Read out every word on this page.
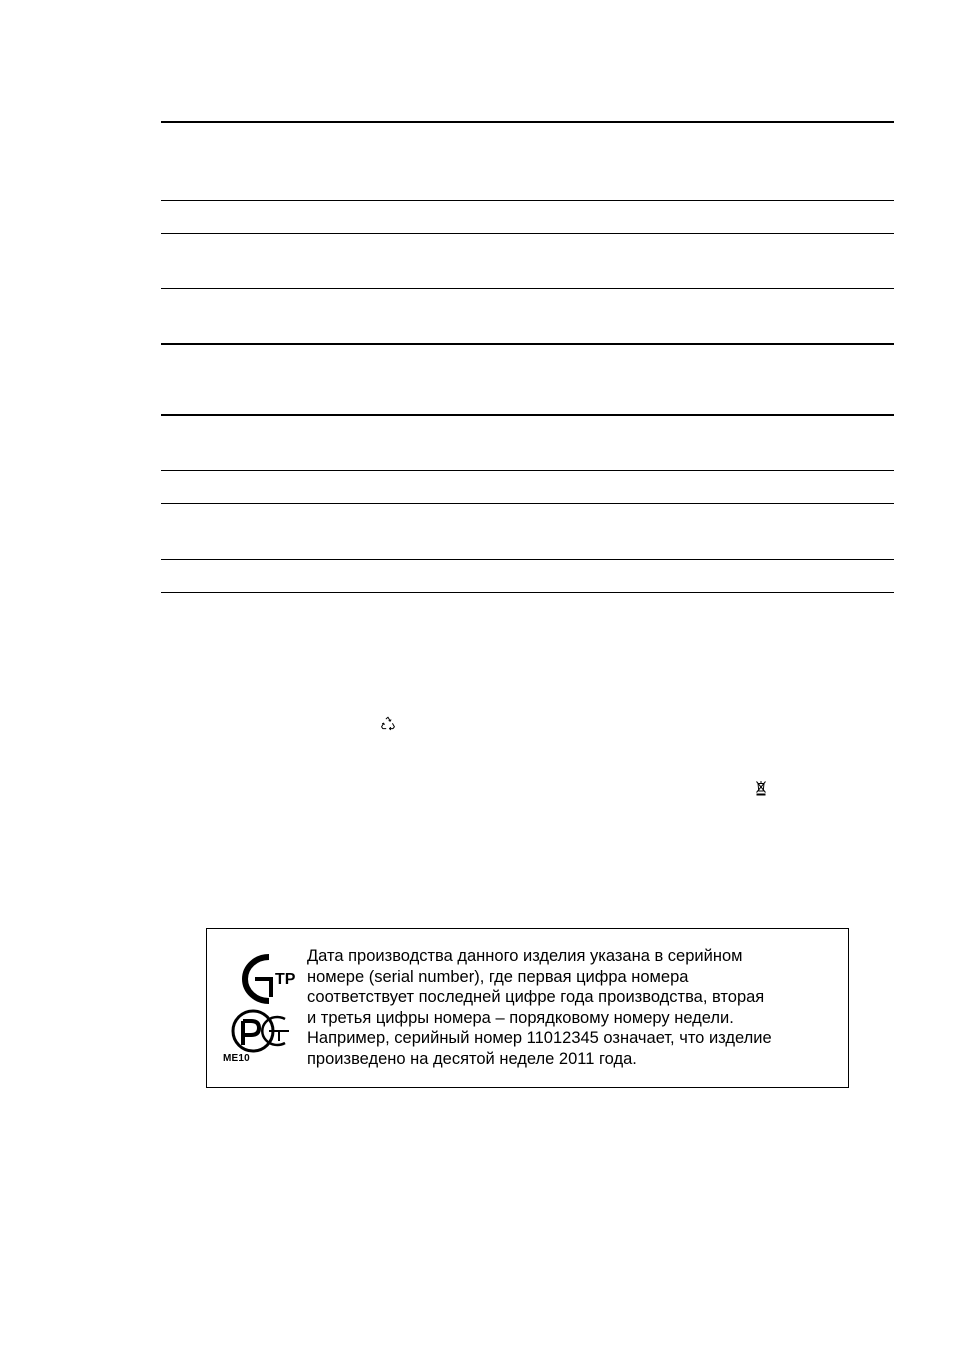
ТР
ME10

Дата производства данного изделия указана в серийном
номере (serial number), где первая цифра номера
соответствует последней цифре года производства, вторая
и третья цифры номера – порядковому номеру недели.
Например, серийный номер 11012345 означает, что изделие
произведено на десятой неделе 2011 года.
